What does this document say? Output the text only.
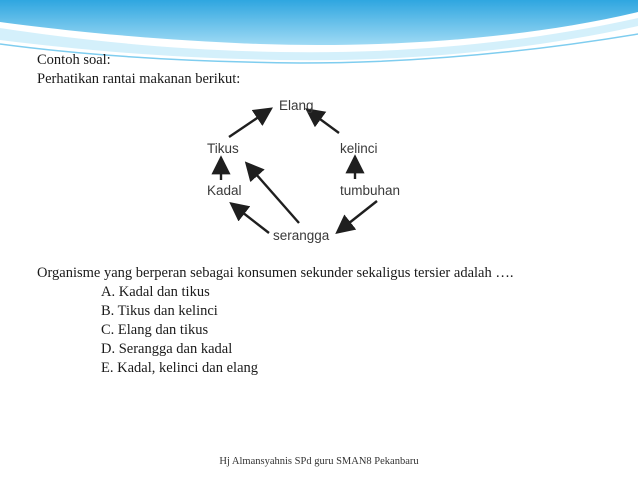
Contoh soal:
Perhatikan rantai makanan berikut:
Elang
Tikus	kelinci
Kadal	tumbuhan
serangga
Organisme yang berperan sebagai konsumen sekunder sekaligus tersier adalah ….
A. Kadal dan tikus
B. Tikus dan kelinci
C. Elang dan tikus
D. Serangga dan kadal
E. Kadal, kelinci dan elang
Hj Almansyahnis SPd guru SMAN8 Pekanbaru
